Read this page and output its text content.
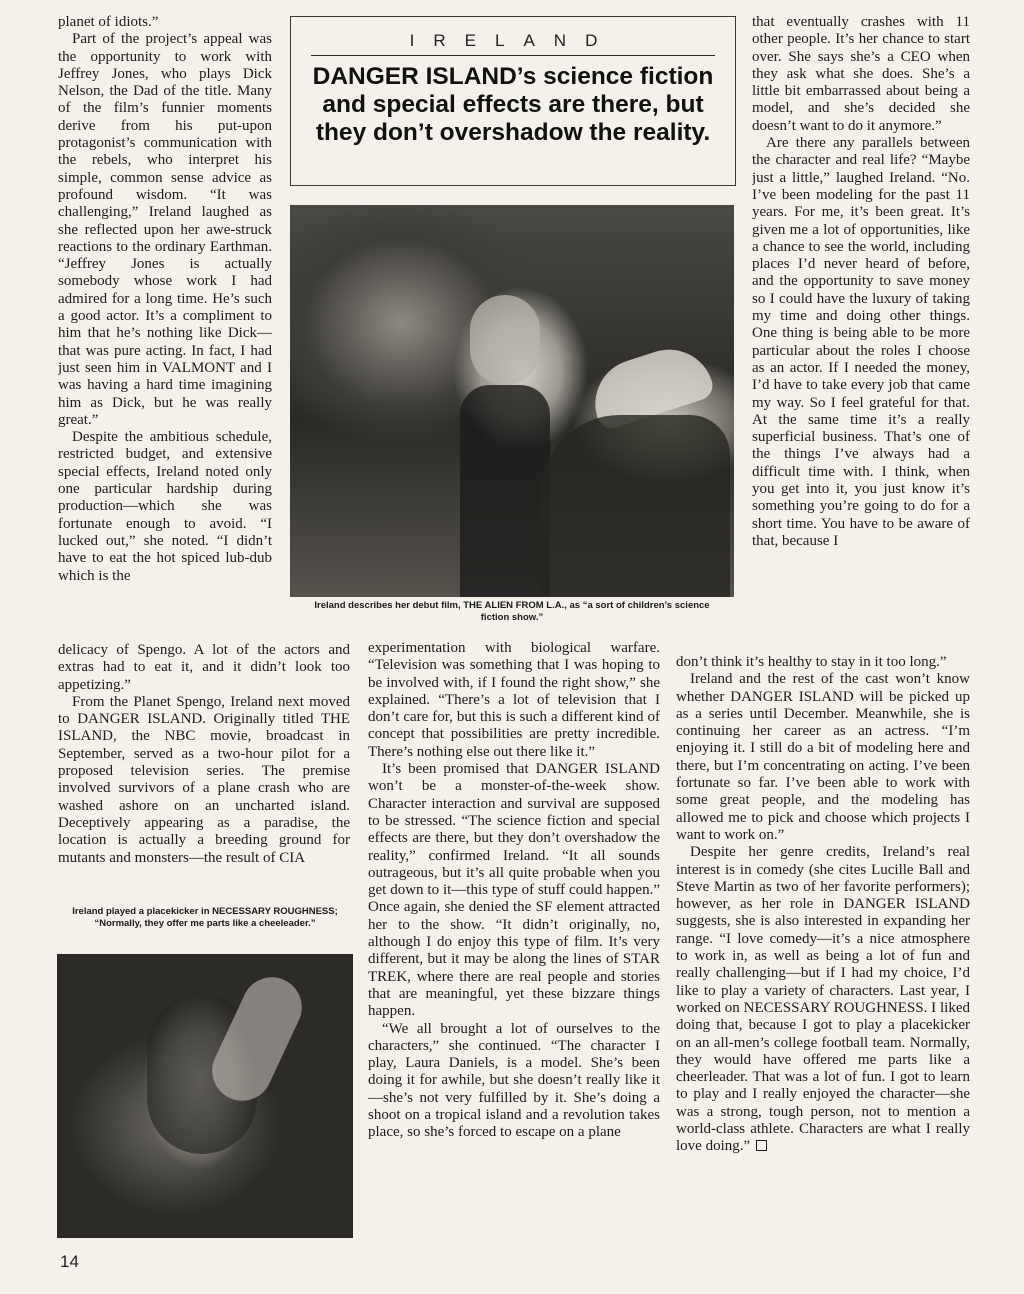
planet of idiots.”

Part of the project’s appeal was the opportunity to work with Jeffrey Jones, who plays Dick Nelson, the Dad of the title. Many of the film’s funnier moments derive from his put-upon protagonist’s communication with the rebels, who interpret his simple, common sense advice as profound wisdom. “It was challenging,” Ireland laughed as she reflected upon her awe-struck reactions to the ordinary Earthman. “Jeffrey Jones is actually somebody whose work I had admired for a long time. He’s such a good actor. It’s a compliment to him that he’s nothing like Dick—that was pure acting. In fact, I had just seen him in VALMONT and I was having a hard time imagining him as Dick, but he was really great.”

Despite the ambitious schedule, restricted budget, and extensive special effects, Ireland noted only one particular hardship during production—which she was fortunate enough to avoid. “I lucked out,” she noted. “I didn’t have to eat the hot spiced lub-dub which is the

delicacy of Spengo. A lot of the actors and extras had to eat it, and it didn’t look too appetizing.”

From the Planet Spengo, Ireland next moved to DANGER ISLAND. Originally titled THE ISLAND, the NBC movie, broadcast in September, served as a two-hour pilot for a proposed television series. The premise involved survivors of a plane crash who are washed ashore on an uncharted island. Deceptively appearing as a paradise, the location is actually a breeding ground for mutants and monsters—the result of CIA

IRELAND
DANGER ISLAND’s science fiction and special effects are there, but they don’t overshadow the reality.
Ireland describes her debut film, THE ALIEN FROM L.A., as “a sort of children’s science fiction show.”
Ireland played a placekicker in NECESSARY ROUGHNESS; “Normally, they offer me parts like a cheeleader.”

experimentation with biological warfare. “Television was something that I was hoping to be involved with, if I found the right show,” she explained. “There’s a lot of television that I don’t care for, but this is such a different kind of concept that possibilities are pretty incredible. There’s nothing else out there like it.”

It’s been promised that DANGER ISLAND won’t be a monster-of-the-week show. Character interaction and survival are supposed to be stressed. “The science fiction and special effects are there, but they don’t overshadow the reality,” confirmed Ireland. “It all sounds outrageous, but it’s all quite probable when you get down to it—this type of stuff could happen.” Once again, she denied the SF element attracted her to the show. “It didn’t originally, no, although I do enjoy this type of film. It’s very different, but it may be along the lines of STAR TREK, where there are real people and stories that are meaningful, yet these bizzare things happen.

“We all brought a lot of ourselves to the characters,” she continued. “The character I play, Laura Daniels, is a model. She’s been doing it for awhile, but she doesn’t really like it—she’s not very fulfilled by it. She’s doing a shoot on a tropical island and a revolution takes place, so she’s forced to escape on a plane

that eventually crashes with 11 other people. It’s her chance to start over. She says she’s a CEO when they ask what she does. She’s a little bit embarrassed about being a model, and she’s decided she doesn’t want to do it anymore.”

Are there any parallels between the character and real life? “Maybe just a little,” laughed Ireland. “No. I’ve been modeling for the past 11 years. For me, it’s been great. It’s given me a lot of opportunities, like a chance to see the world, including places I’d never heard of before, and the opportunity to save money so I could have the luxury of taking my time and doing other things. One thing is being able to be more particular about the roles I choose as an actor. If I needed the money, I’d have to take every job that came my way. So I feel grateful for that. At the same time it’s a really superficial business. That’s one of the things I’ve always had a difficult time with. I think, when you get into it, you just know it’s something you’re going to do for a short time. You have to be aware of that, because I

don’t think it’s healthy to stay in it too long.”

Ireland and the rest of the cast won’t know whether DANGER ISLAND will be picked up as a series until December. Meanwhile, she is continuing her career as an actress. “I’m enjoying it. I still do a bit of modeling here and there, but I’m concentrating on acting. I’ve been fortunate so far. I’ve been able to work with some great people, and the modeling has allowed me to pick and choose which projects I want to work on.”

Despite her genre credits, Ireland’s real interest is in comedy (she cites Lucille Ball and Steve Martin as two of her favorite performers); however, as her role in DANGER ISLAND suggests, she is also interested in expanding her range. “I love comedy—it’s a nice atmosphere to work in, as well as being a lot of fun and really challenging—but if I had my choice, I’d like to play a variety of characters. Last year, I worked on NECESSARY ROUGHNESS. I liked doing that, because I got to play a placekicker on an all-men’s college football team. Normally, they would have offered me parts like a cheerleader. That was a lot of fun. I got to learn to play and I really enjoyed the character—she was a strong, tough person, not to mention a world-class athlete. Characters are what I really love doing.”

14
